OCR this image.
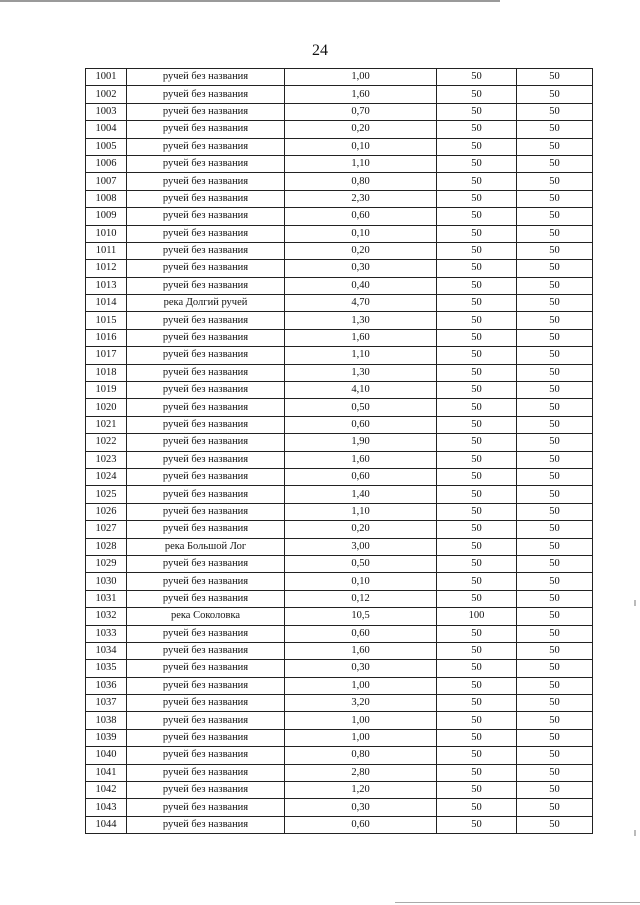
24
1001	ручей без названия	1,00	50	50
1002	ручей без названия	1,60	50	50
1003	ручей без названия	0,70	50	50
1004	ручей без названия	0,20	50	50
1005	ручей без названия	0,10	50	50
1006	ручей без названия	1,10	50	50
1007	ручей без названия	0,80	50	50
1008	ручей без названия	2,30	50	50
1009	ручей без названия	0,60	50	50
1010	ручей без названия	0,10	50	50
1011	ручей без названия	0,20	50	50
1012	ручей без названия	0,30	50	50
1013	ручей без названия	0,40	50	50
1014	река Долгий ручей	4,70	50	50
1015	ручей без названия	1,30	50	50
1016	ручей без названия	1,60	50	50
1017	ручей без названия	1,10	50	50
1018	ручей без названия	1,30	50	50
1019	ручей без названия	4,10	50	50
1020	ручей без названия	0,50	50	50
1021	ручей без названия	0,60	50	50
1022	ручей без названия	1,90	50	50
1023	ручей без названия	1,60	50	50
1024	ручей без названия	0,60	50	50
1025	ручей без названия	1,40	50	50
1026	ручей без названия	1,10	50	50
1027	ручей без названия	0,20	50	50
1028	река Большой Лог	3,00	50	50
1029	ручей без названия	0,50	50	50
1030	ручей без названия	0,10	50	50
1031	ручей без названия	0,12	50	50
1032	река Соколовка	10,5	100	50
1033	ручей без названия	0,60	50	50
1034	ручей без названия	1,60	50	50
1035	ручей без названия	0,30	50	50
1036	ручей без названия	1,00	50	50
1037	ручей без названия	3,20	50	50
1038	ручей без названия	1,00	50	50
1039	ручей без названия	1,00	50	50
1040	ручей без названия	0,80	50	50
1041	ручей без названия	2,80	50	50
1042	ручей без названия	1,20	50	50
1043	ручей без названия	0,30	50	50
1044	ручей без названия	0,60	50	50
